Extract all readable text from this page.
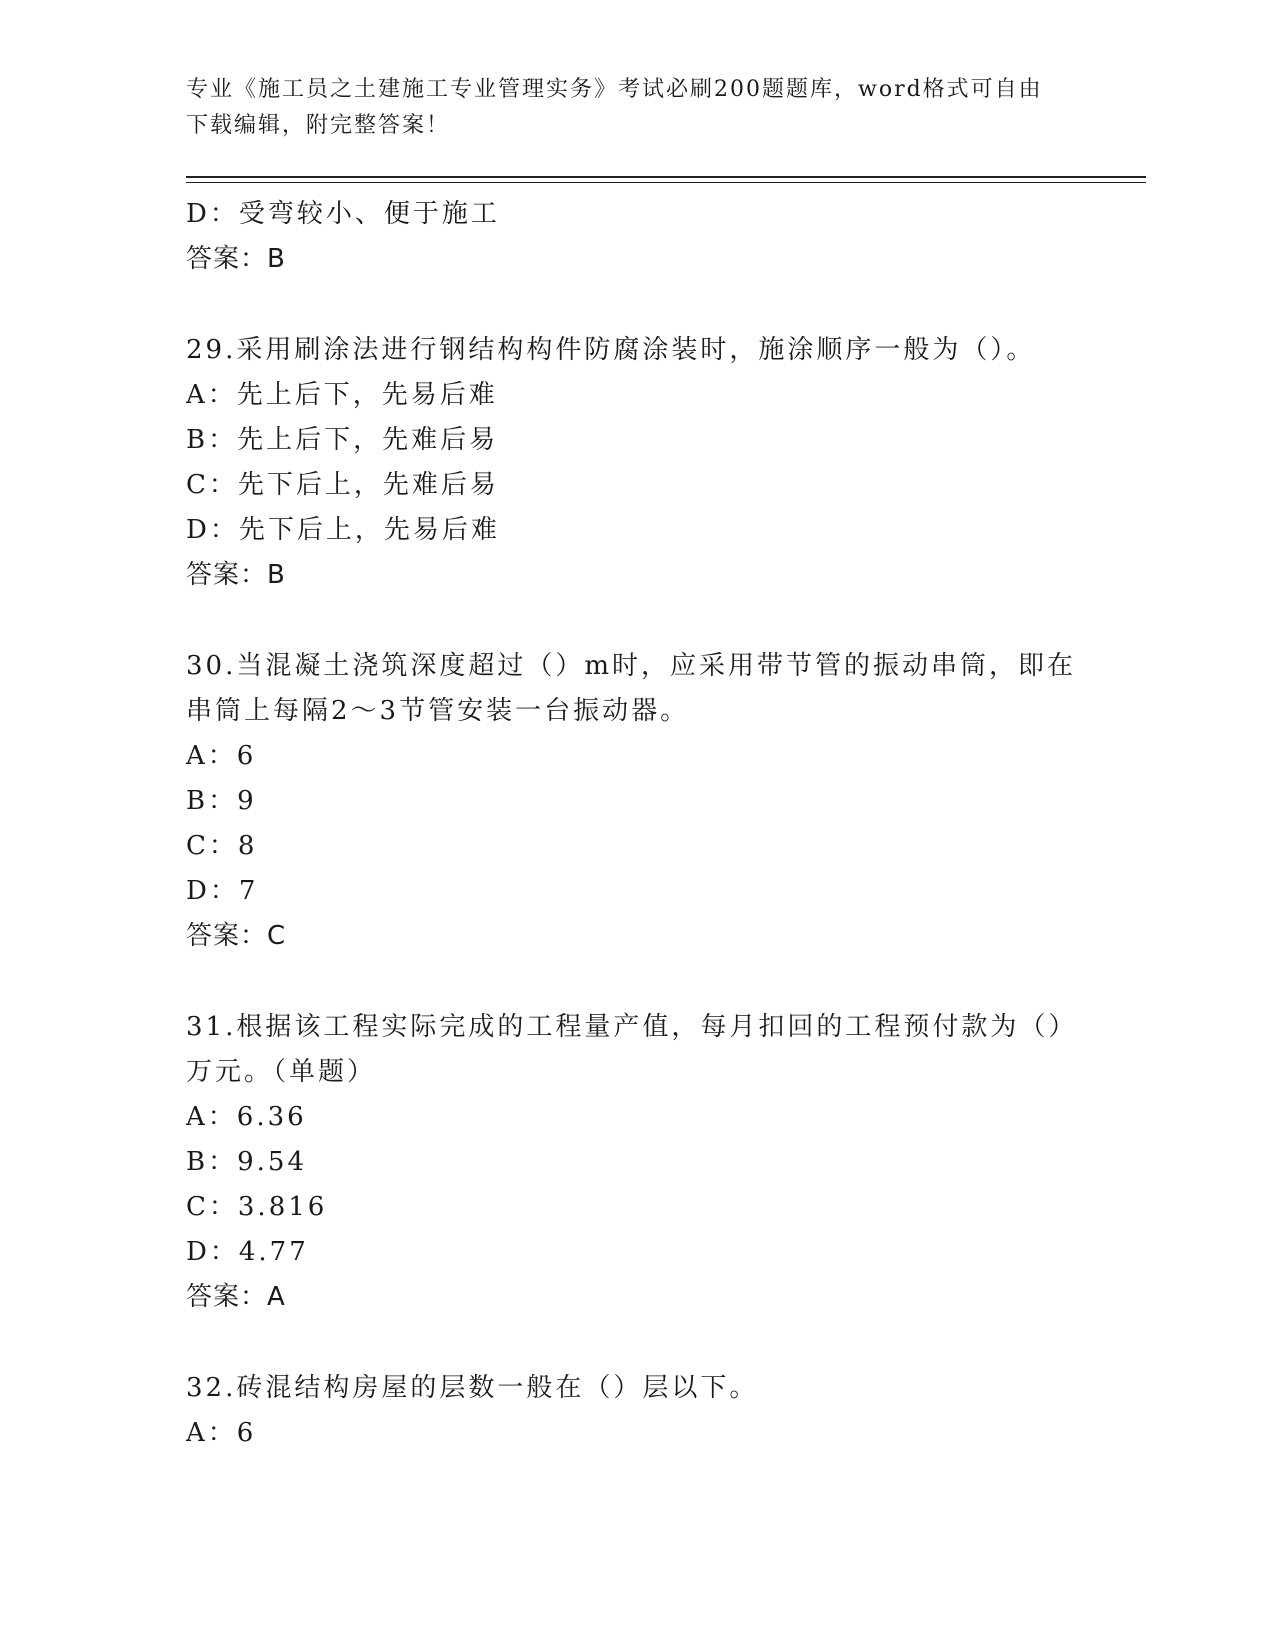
专业《施工员之土建施工专业管理实务》考试必刷200题题库，word格式可自由
下载编辑，附完整答案！
D：受弯较小、便于施工
答案：B
29.采用刷涂法进行钢结构构件防腐涂装时，施涂顺序一般为（）。
A：先上后下，先易后难
B：先上后下，先难后易
C：先下后上，先难后易
D：先下后上，先易后难
答案：B
30.当混凝土浇筑深度超过（）m时，应采用带节管的振动串筒，即在
串筒上每隔2～3节管安装一台振动器。
A：6
B：9
C：8
D：7
答案：C
31.根据该工程实际完成的工程量产值，每月扣回的工程预付款为（）
万元。（单题）
A：6.36
B：9.54
C：3.816
D：4.77
答案：A
32.砖混结构房屋的层数一般在（）层以下。
A：6
